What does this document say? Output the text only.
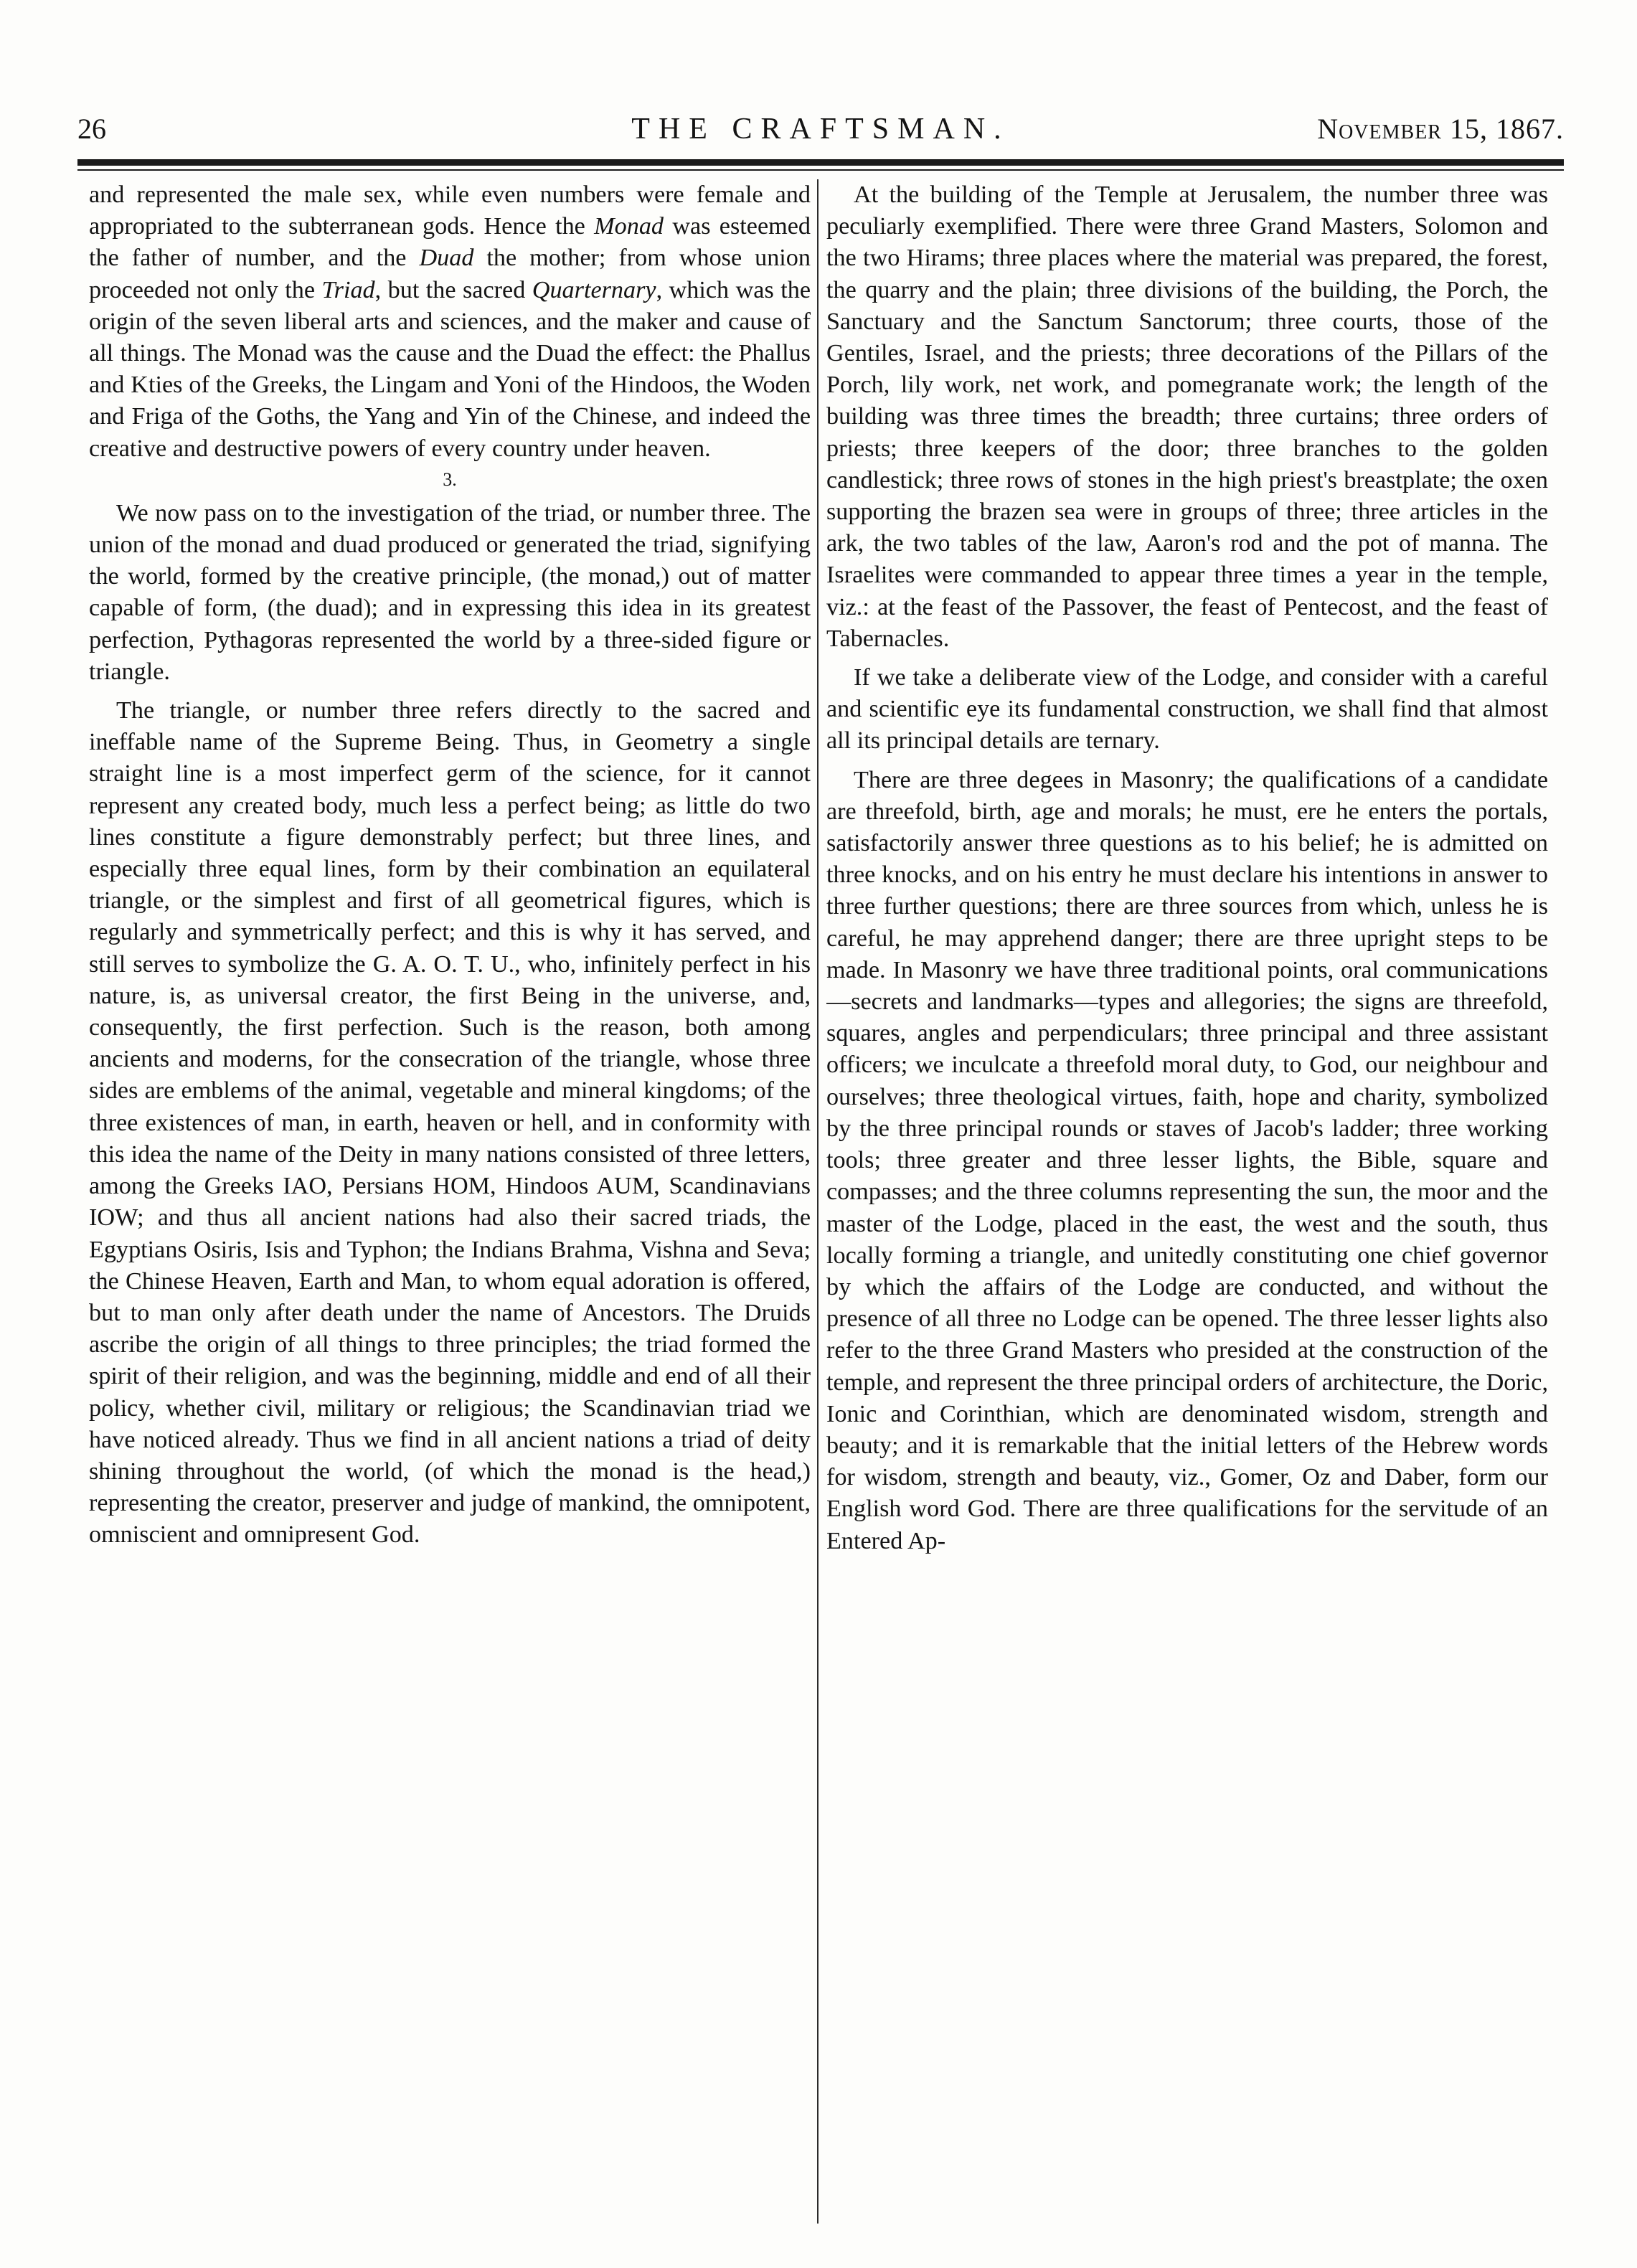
26	THE CRAFTSMAN.	November 15, 1867.

and represented the male sex, while even numbers were female and appropriated to the subterranean gods. Hence the Monad was esteemed the father of number, and the Duad the mother; from whose union proceeded not only the Triad, but the sacred Quarternary, which was the origin of the seven liberal arts and sciences, and the maker and cause of all things. The Monad was the cause and the Duad the effect: the Phallus and Kties of the Greeks, the Lingam and Yoni of the Hindoos, the Woden and Friga of the Goths, the Yang and Yin of the Chinese, and indeed the creative and destructive powers of every country under heaven.

3.

We now pass on to the investigation of the triad, or number three. The union of the monad and duad produced or generated the triad, signifying the world, formed by the creative principle, (the monad,) out of matter capable of form, (the duad); and in expressing this idea in its greatest perfection, Pythagoras represented the world by a three-sided figure or triangle.

The triangle, or number three refers directly to the sacred and ineffable name of the Supreme Being. Thus, in Geometry a single straight line is a most imperfect germ of the science, for it cannot represent any created body, much less a perfect being; as little do two lines constitute a figure demonstrably perfect; but three lines, and especially three equal lines, form by their combination an equilateral triangle, or the simplest and first of all geometrical figures, which is regularly and symmetrically perfect; and this is why it has served, and still serves to symbolize the G. A. O. T. U., who, infinitely perfect in his nature, is, as universal creator, the first Being in the universe, and, consequently, the first perfection. Such is the reason, both among ancients and moderns, for the consecration of the triangle, whose three sides are emblems of the animal, vegetable and mineral kingdoms; of the three existences of man, in earth, heaven or hell, and in conformity with this idea the name of the Deity in many nations consisted of three letters, among the Greeks IAO, Persians HOM, Hindoos AUM, Scandinavians IOW; and thus all ancient nations had also their sacred triads, the Egyptians Osiris, Isis and Typhon; the Indians Brahma, Vishna and Seva; the Chinese Heaven, Earth and Man, to whom equal adoration is offered, but to man only after death under the name of Ancestors. The Druids ascribe the origin of all things to three principles; the triad formed the spirit of their religion, and was the beginning, middle and end of all their policy, whether civil, military or religious; the Scandinavian triad we have noticed already. Thus we find in all ancient nations a triad of deity shining throughout the world, (of which the monad is the head,) representing the creator, preserver and judge of mankind, the omnipotent, omniscient and omnipresent God.

At the building of the Temple at Jerusalem, the number three was peculiarly exemplified. There were three Grand Masters, Solomon and the two Hirams; three places where the material was prepared, the forest, the quarry and the plain; three divisions of the building, the Porch, the Sanctuary and the Sanctum Sanctorum; three courts, those of the Gentiles, Israel, and the priests; three decorations of the Pillars of the Porch, lily work, net work, and pomegranate work; the length of the building was three times the breadth; three curtains; three orders of priests; three keepers of the door; three branches to the golden candlestick; three rows of stones in the high priest's breastplate; the oxen supporting the brazen sea were in groups of three; three articles in the ark, the two tables of the law, Aaron's rod and the pot of manna. The Israelites were commanded to appear three times a year in the temple, viz.: at the feast of the Passover, the feast of Pentecost, and the feast of Tabernacles.

If we take a deliberate view of the Lodge, and consider with a careful and scientific eye its fundamental construction, we shall find that almost all its principal details are ternary.

There are three degees in Masonry; the qualifications of a candidate are threefold, birth, age and morals; he must, ere he enters the portals, satisfactorily answer three questions as to his belief; he is admitted on three knocks, and on his entry he must declare his intentions in answer to three further questions; there are three sources from which, unless he is careful, he may apprehend danger; there are three upright steps to be made. In Masonry we have three traditional points, oral communications—secrets and landmarks—types and allegories; the signs are threefold, squares, angles and perpendiculars; three principal and three assistant officers; we inculcate a threefold moral duty, to God, our neighbour and ourselves; three theological virtues, faith, hope and charity, symbolized by the three principal rounds or staves of Jacob's ladder; three working tools; three greater and three lesser lights, the Bible, square and compasses; and the three columns representing the sun, the moor and the master of the Lodge, placed in the east, the west and the south, thus locally forming a triangle, and unitedly constituting one chief governor by which the affairs of the Lodge are conducted, and without the presence of all three no Lodge can be opened. The three lesser lights also refer to the three Grand Masters who presided at the construction of the temple, and represent the three principal orders of architecture, the Doric, Ionic and Corinthian, which are denominated wisdom, strength and beauty; and it is remarkable that the initial letters of the Hebrew words for wisdom, strength and beauty, viz., Gomer, Oz and Daber, form our English word God. There are three qualifications for the servitude of an Entered Ap-
